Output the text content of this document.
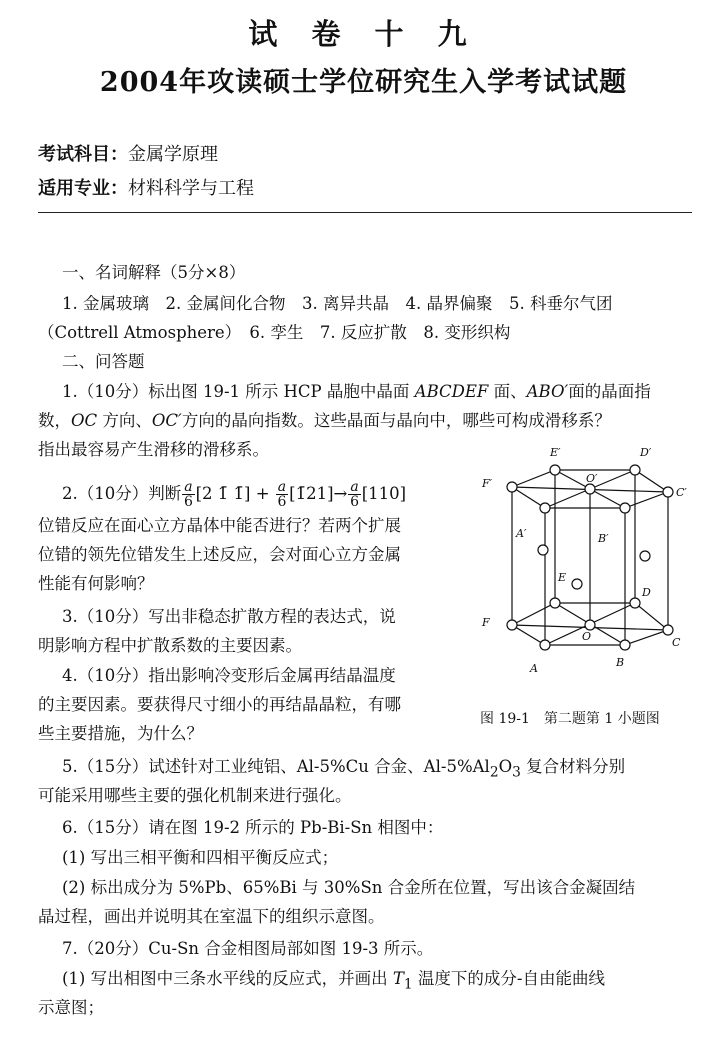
试 卷 十 九
2004年攻读硕士学位研究生入学考试试题
考试科目：金属学原理
适用专业：材料科学与工程
一、名词解释（5分×8）
1. 金属玻璃　2. 金属间化合物　3. 离异共晶　4. 晶界偏聚　5. 科垂尔气团
（Cottrell Atmosphere）　6. 孪生　7. 反应扩散　8. 变形织构
二、问答题
1.（10分）标出图 19-1 所示 HCP 晶胞中晶面 ABCDEF 面、ABO′面的晶面指
数，OC 方向、OC′方向的晶向指数。这些晶面与晶向中，哪些可构成滑移系？
指出最容易产生滑移的滑移系。
2.（10分）判断 $\frac{a}{6} [2$ 1̄ 1̄] + $\frac{a}{6}$ [1̄21]→ $\frac{a}{6} [110]$
位错反应在面心立方晶体中能否进行？若两个扩展
位错的领先位错发生上述反应，会对面心立方金属
性能有何影响？
3.（10分）写出非稳态扩散方程的表达式，说
明影响方程中扩散系数的主要因素。
4.（10分）指出影响冷变形后金属再结晶温度
的主要因素。要获得尺寸细小的再结晶晶粒，有哪
些主要措施，为什么？
5.（15分）试述针对工业纯铝、Al-5%Cu 合金、$Al-5\%Al_2O_3$ 复合材料分别
可能采用哪些主要的强化机制来进行强化。
6.（15分）请在图 19-2 所示的 Pb-Bi-Sn 相图中：
(1) 写出三相平衡和四相平衡反应式；
(2) 标出成分为 5%Pb、65%Bi 与 30%Sn 合金所在位置，写出该合金凝固结
晶过程，画出并说明其在室温下的组织示意图。
7.（20分）Cu-Sn 合金相图局部如图 19-3 所示。
(1) 写出相图中三条水平线的反应式，并画出 $T_1$ 温度下的成分-自由能曲线
示意图；
E′	D′
F′	O′
C′
A′	B′
E
D
F
O	C
A	B
图 19-1　第二题第 1 小题图
